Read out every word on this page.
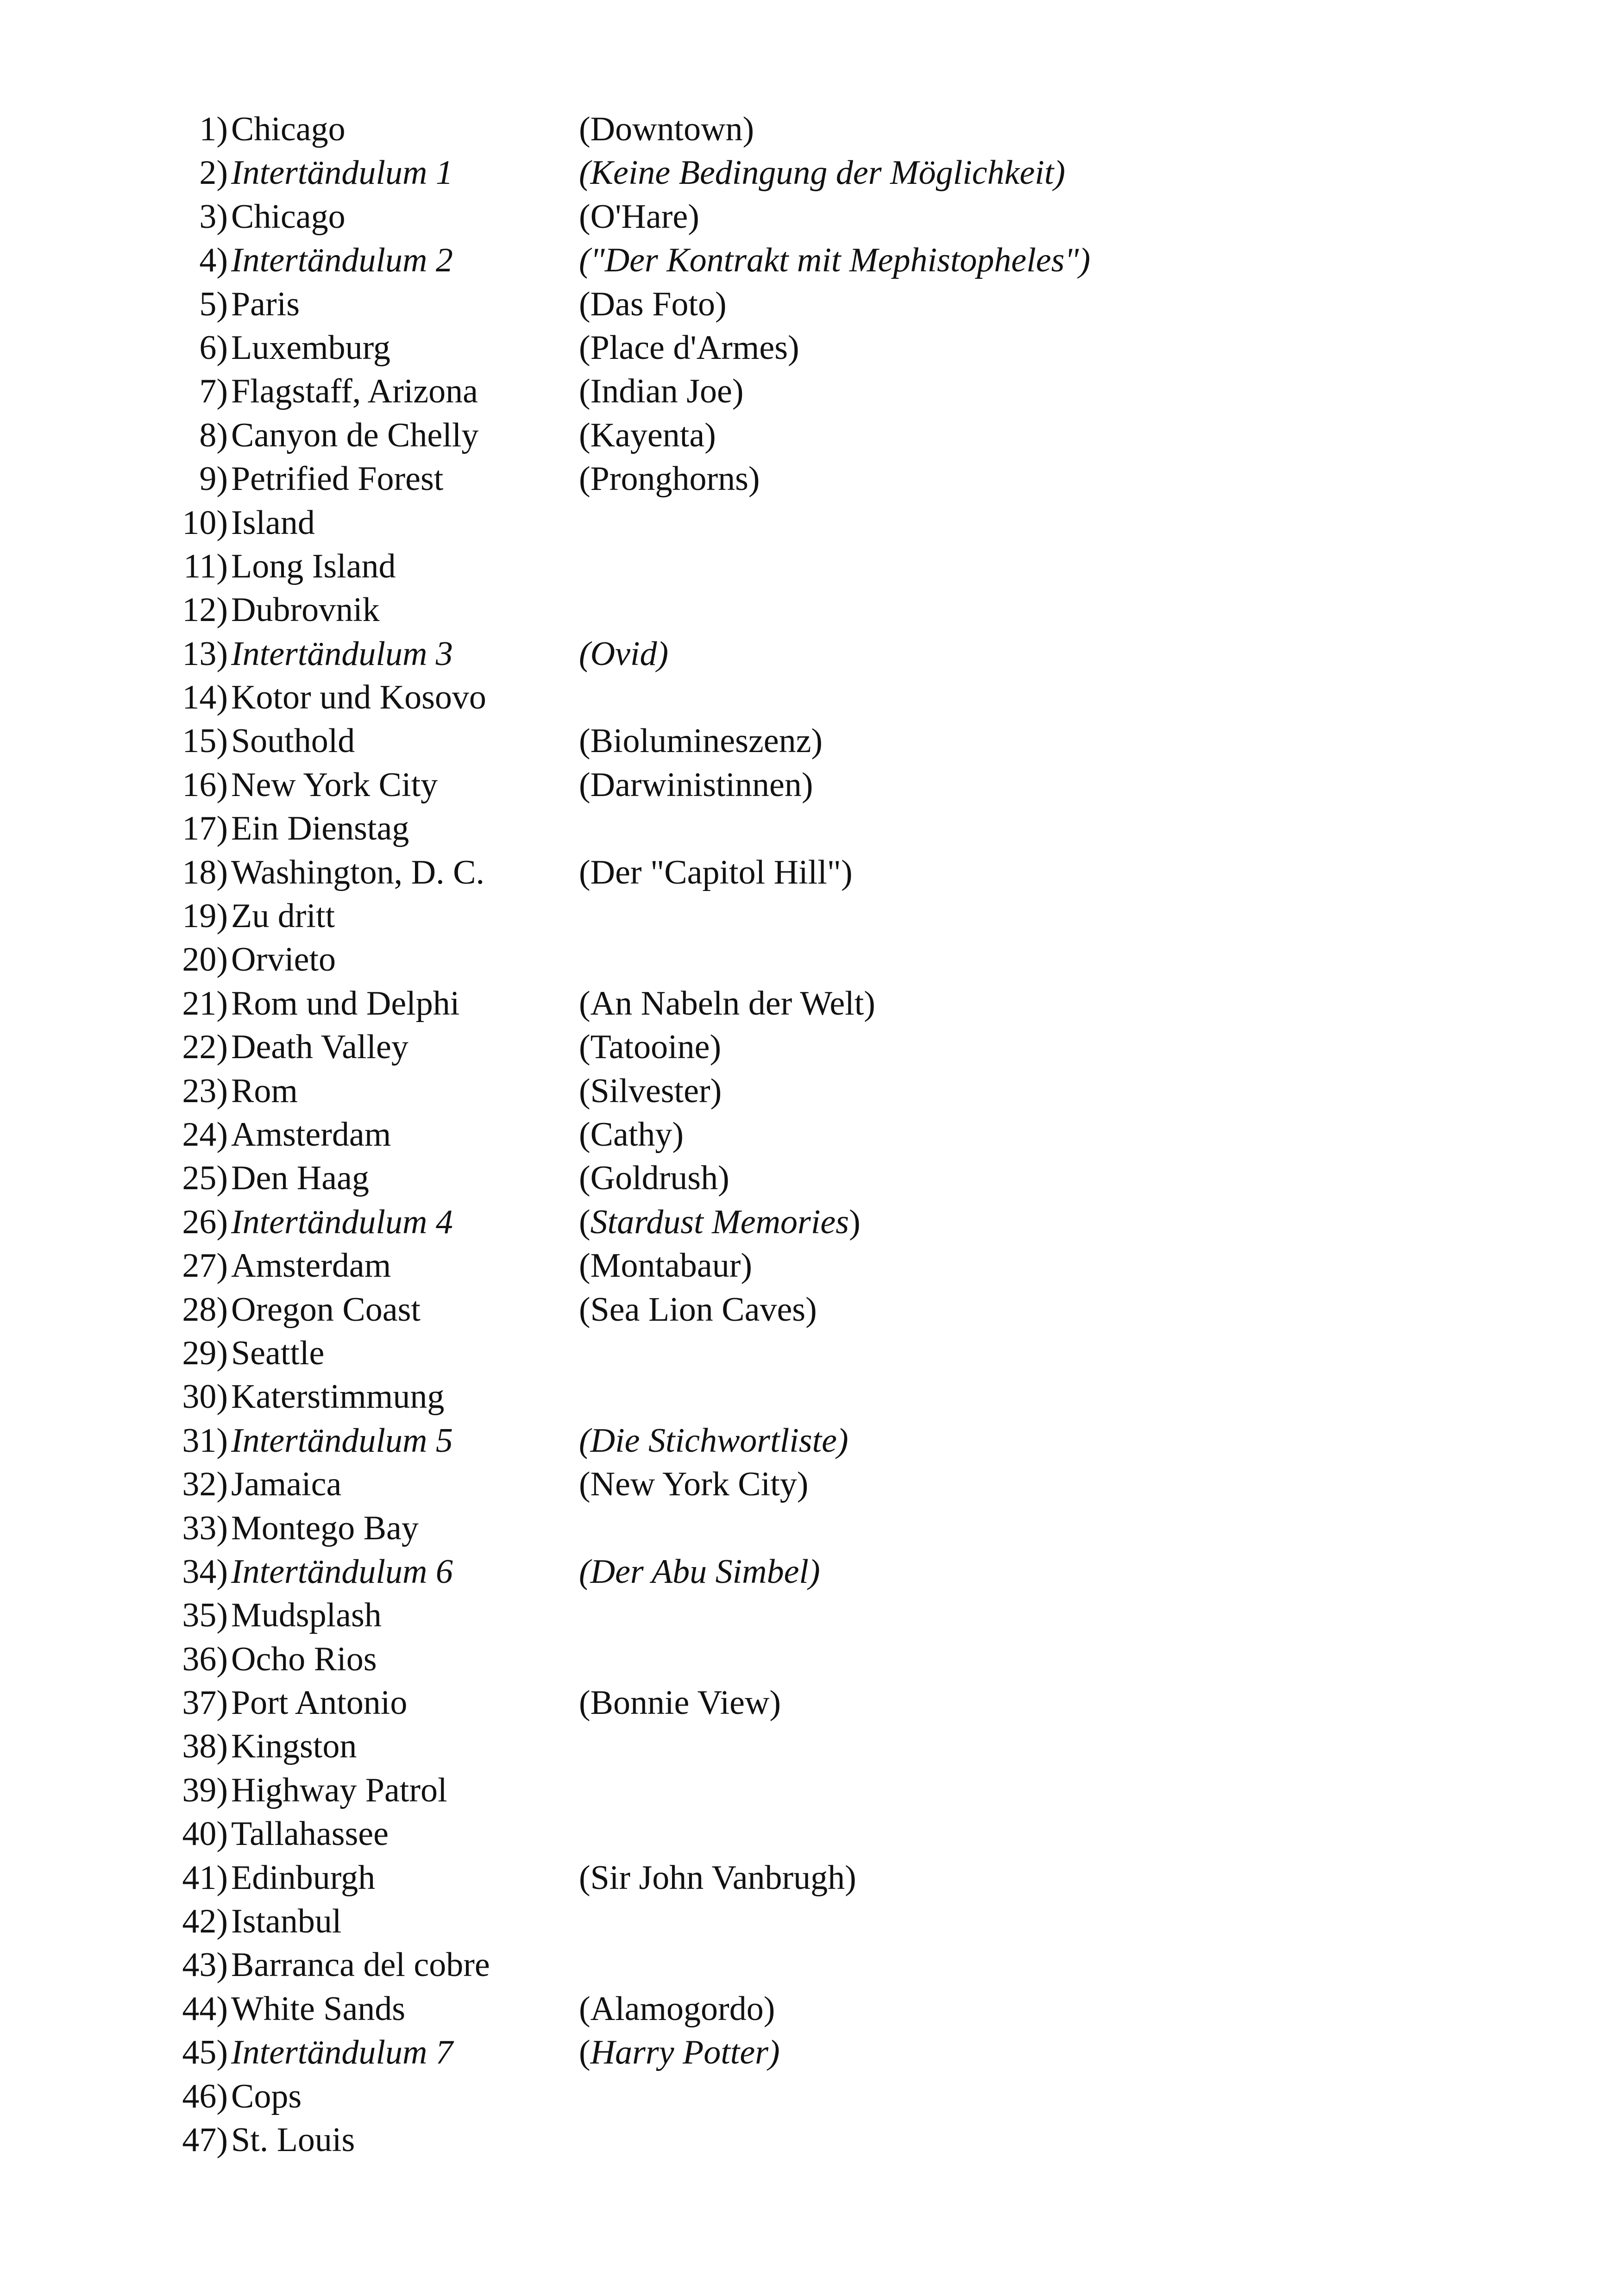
1) Chicago	(Downtown)
2) Intertändulum 1	(Keine Bedingung der Möglichkeit)
3) Chicago	(O'Hare)
4) Intertändulum 2	("Der Kontrakt mit Mephistopheles")
5) Paris	(Das Foto)
6) Luxemburg	(Place d'Armes)
7) Flagstaff, Arizona	(Indian Joe)
8) Canyon de Chelly	(Kayenta)
9) Petrified Forest	(Pronghorns)
10) Island
11) Long Island
12) Dubrovnik
13) Intertändulum 3	(Ovid)
14) Kotor und Kosovo
15) Southold	(Biolumineszenz)
16) New York City	(Darwinistinnen)
17) Ein Dienstag
18) Washington, D. C.	(Der "Capitol Hill")
19) Zu dritt
20) Orvieto
21) Rom und Delphi	(An Nabeln der Welt)
22) Death Valley	(Tatooine)
23) Rom	(Silvester)
24) Amsterdam	(Cathy)
25) Den Haag	(Goldrush)
26) Intertändulum 4	(Stardust Memories)
27) Amsterdam	(Montabaur)
28) Oregon Coast	(Sea Lion Caves)
29) Seattle
30) Katerstimmung
31) Intertändulum 5	(Die Stichwortliste)
32) Jamaica	(New York City)
33) Montego Bay
34) Intertändulum 6	(Der Abu Simbel)
35) Mudsplash
36) Ocho Rios
37) Port Antonio	(Bonnie View)
38) Kingston
39) Highway Patrol
40) Tallahassee
41) Edinburgh	(Sir John Vanbrugh)
42) Istanbul
43) Barranca del cobre
44) White Sands	(Alamogordo)
45) Intertändulum 7	(Harry Potter)
46) Cops
47) St. Louis
